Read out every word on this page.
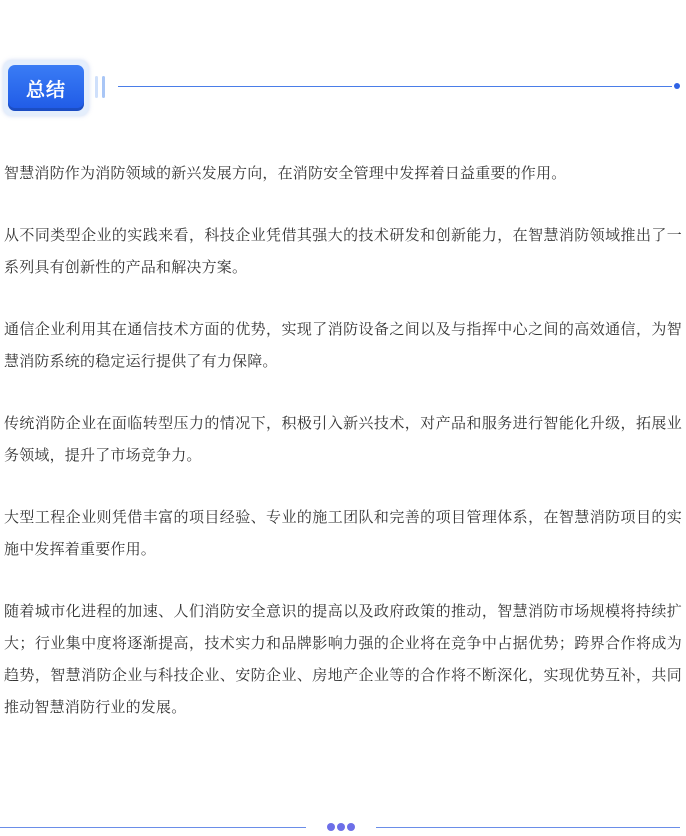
总结

智慧消防作为消防领域的新兴发展方向，在消防安全管理中发挥着日益重要的作用。

从不同类型企业的实践来看，科技企业凭借其强大的技术研发和创新能力，在智慧消防领域推出了一系列具有创新性的产品和解决方案。

通信企业利用其在通信技术方面的优势，实现了消防设备之间以及与指挥中心之间的高效通信，为智慧消防系统的稳定运行提供了有力保障。

传统消防企业在面临转型压力的情况下，积极引入新兴技术，对产品和服务进行智能化升级，拓展业务领域，提升了市场竞争力。

大型工程企业则凭借丰富的项目经验、专业的施工团队和完善的项目管理体系，在智慧消防项目的实施中发挥着重要作用。

随着城市化进程的加速、人们消防安全意识的提高以及政府政策的推动，智慧消防市场规模将持续扩大；行业集中度将逐渐提高，技术实力和品牌影响力强的企业将在竞争中占据优势；跨界合作将成为趋势，智慧消防企业与科技企业、安防企业、房地产企业等的合作将不断深化，实现优势互补，共同推动智慧消防行业的发展。
